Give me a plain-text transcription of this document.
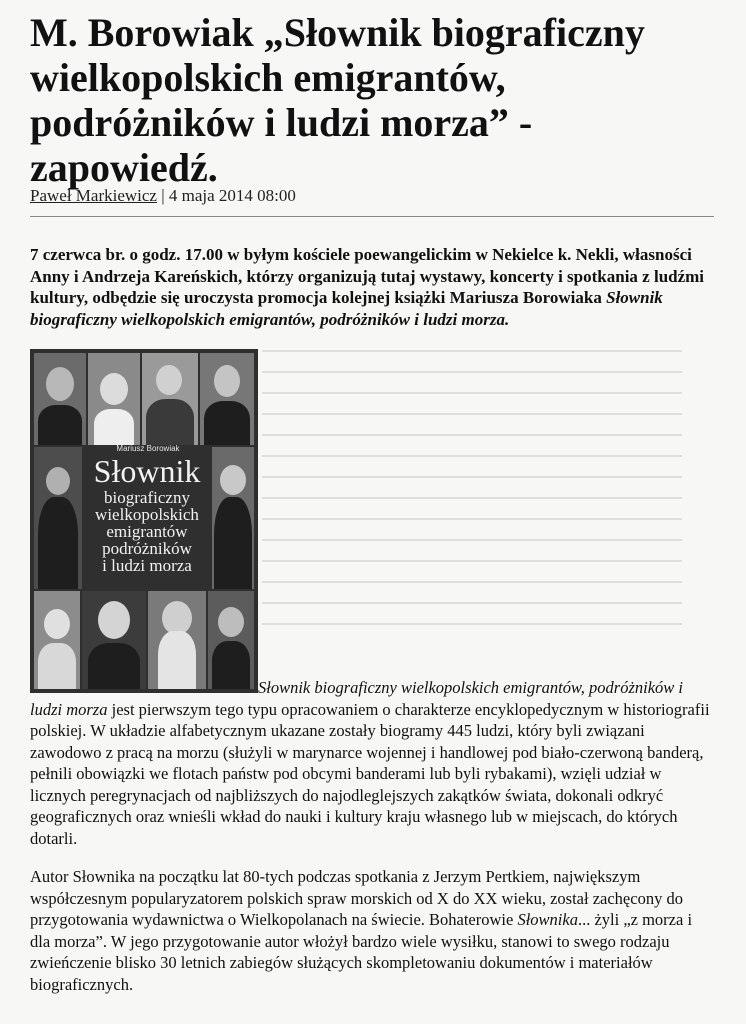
M. Borowiak „Słownik biograficzny wielkopolskich emigrantów, podróżników i ludzi morza” - zapowiedź.
Paweł Markiewicz | 4 maja 2014 08:00

7 czerwca br. o godz. 17.00 w byłym kościele poewangelickim w Nekielce k. Nekli, własności Anny i Andrzeja Kareńskich, którzy organizują tutaj wystawy, koncerty i spotkania z ludźmi kultury, odbędzie się uroczysta promocja kolejnej książki Mariusza Borowiaka Słownik biograficzny wielkopolskich emigrantów, podróżników i ludzi morza.

Mariusz Borowiak
Słownik
biograficzny
wielkopolskich
emigrantów
podróżników
i ludzi morza

Słownik biograficzny wielkopolskich emigrantów, podróżników i ludzi morza jest pierwszym tego typu opracowaniem o charakterze encyklopedycznym w historiografii polskiej. W układzie alfabetycznym ukazane zostały biogramy 445 ludzi, który byli związani zawodowo z pracą na morzu (służyli w marynarce wojennej i handlowej pod biało-czerwoną banderą, pełnili obowiązki we flotach państw pod obcymi banderami lub byli rybakami), wzięli udział w licznych peregrynacjach od najbliższych do najodleglejszych zakątków świata, dokonali odkryć geograficznych oraz wnieśli wkład do nauki i kultury kraju własnego lub w miejscach, do których dotarli.

Autor Słownika na początku lat 80-tych podczas spotkania z Jerzym Pertkiem, największym współczesnym popularyzatorem polskich spraw morskich od X do XX wieku, został zachęcony do przygotowania wydawnictwa o Wielkopolanach na świecie. Bohaterowie Słownika... żyli „z morza i dla morza”. W jego przygotowanie autor włożył bardzo wiele wysiłku, stanowi to swego rodzaju zwieńczenie blisko 30 letnich zabiegów służących skompletowaniu dokumentów i materiałów biograficznych.
